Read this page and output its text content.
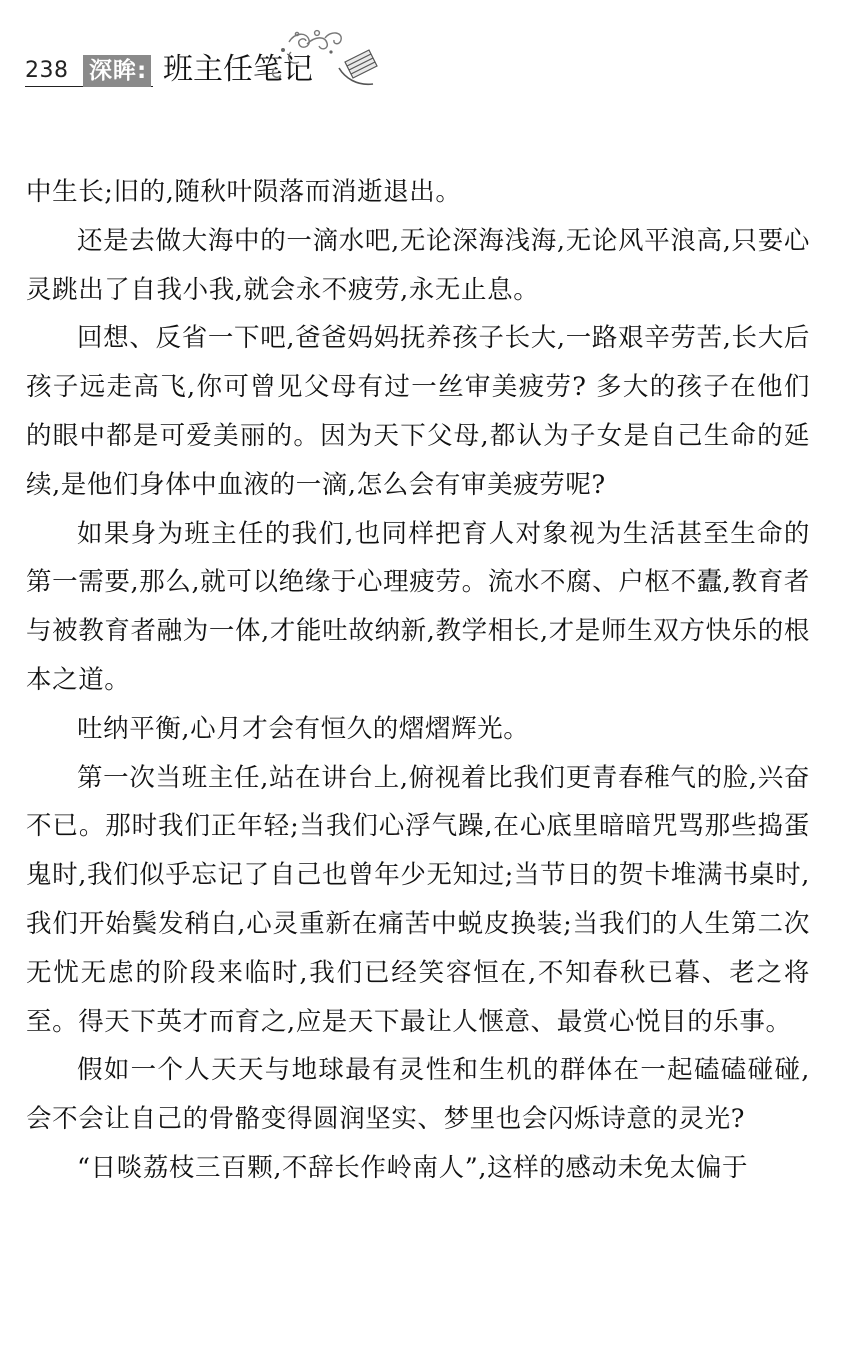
238 深眸: 班主任笔记

中生长;旧的,随秋叶陨落而消逝退出。

还是去做大海中的一滴水吧,无论深海浅海,无论风平浪高,只要心灵跳出了自我小我,就会永不疲劳,永无止息。

回想、反省一下吧,爸爸妈妈抚养孩子长大,一路艰辛劳苦,长大后孩子远走高飞,你可曾见父母有过一丝审美疲劳? 多大的孩子在他们的眼中都是可爱美丽的。因为天下父母,都认为子女是自己生命的延续,是他们身体中血液的一滴,怎么会有审美疲劳呢?

如果身为班主任的我们,也同样把育人对象视为生活甚至生命的第一需要,那么,就可以绝缘于心理疲劳。流水不腐、户枢不蠹,教育者与被教育者融为一体,才能吐故纳新,教学相长,才是师生双方快乐的根本之道。

吐纳平衡,心月才会有恒久的熠熠辉光。

第一次当班主任,站在讲台上,俯视着比我们更青春稚气的脸,兴奋不已。那时我们正年轻;当我们心浮气躁,在心底里暗暗咒骂那些捣蛋鬼时,我们似乎忘记了自己也曾年少无知过;当节日的贺卡堆满书桌时,我们开始鬓发稍白,心灵重新在痛苦中蜕皮换装;当我们的人生第二次无忧无虑的阶段来临时,我们已经笑容恒在,不知春秋已暮、老之将至。得天下英才而育之,应是天下最让人惬意、最赏心悦目的乐事。

假如一个人天天与地球最有灵性和生机的群体在一起磕磕碰碰,会不会让自己的骨骼变得圆润坚实、梦里也会闪烁诗意的灵光?

“日啖荔枝三百颗,不辞长作岭南人”,这样的感动未免太偏于
